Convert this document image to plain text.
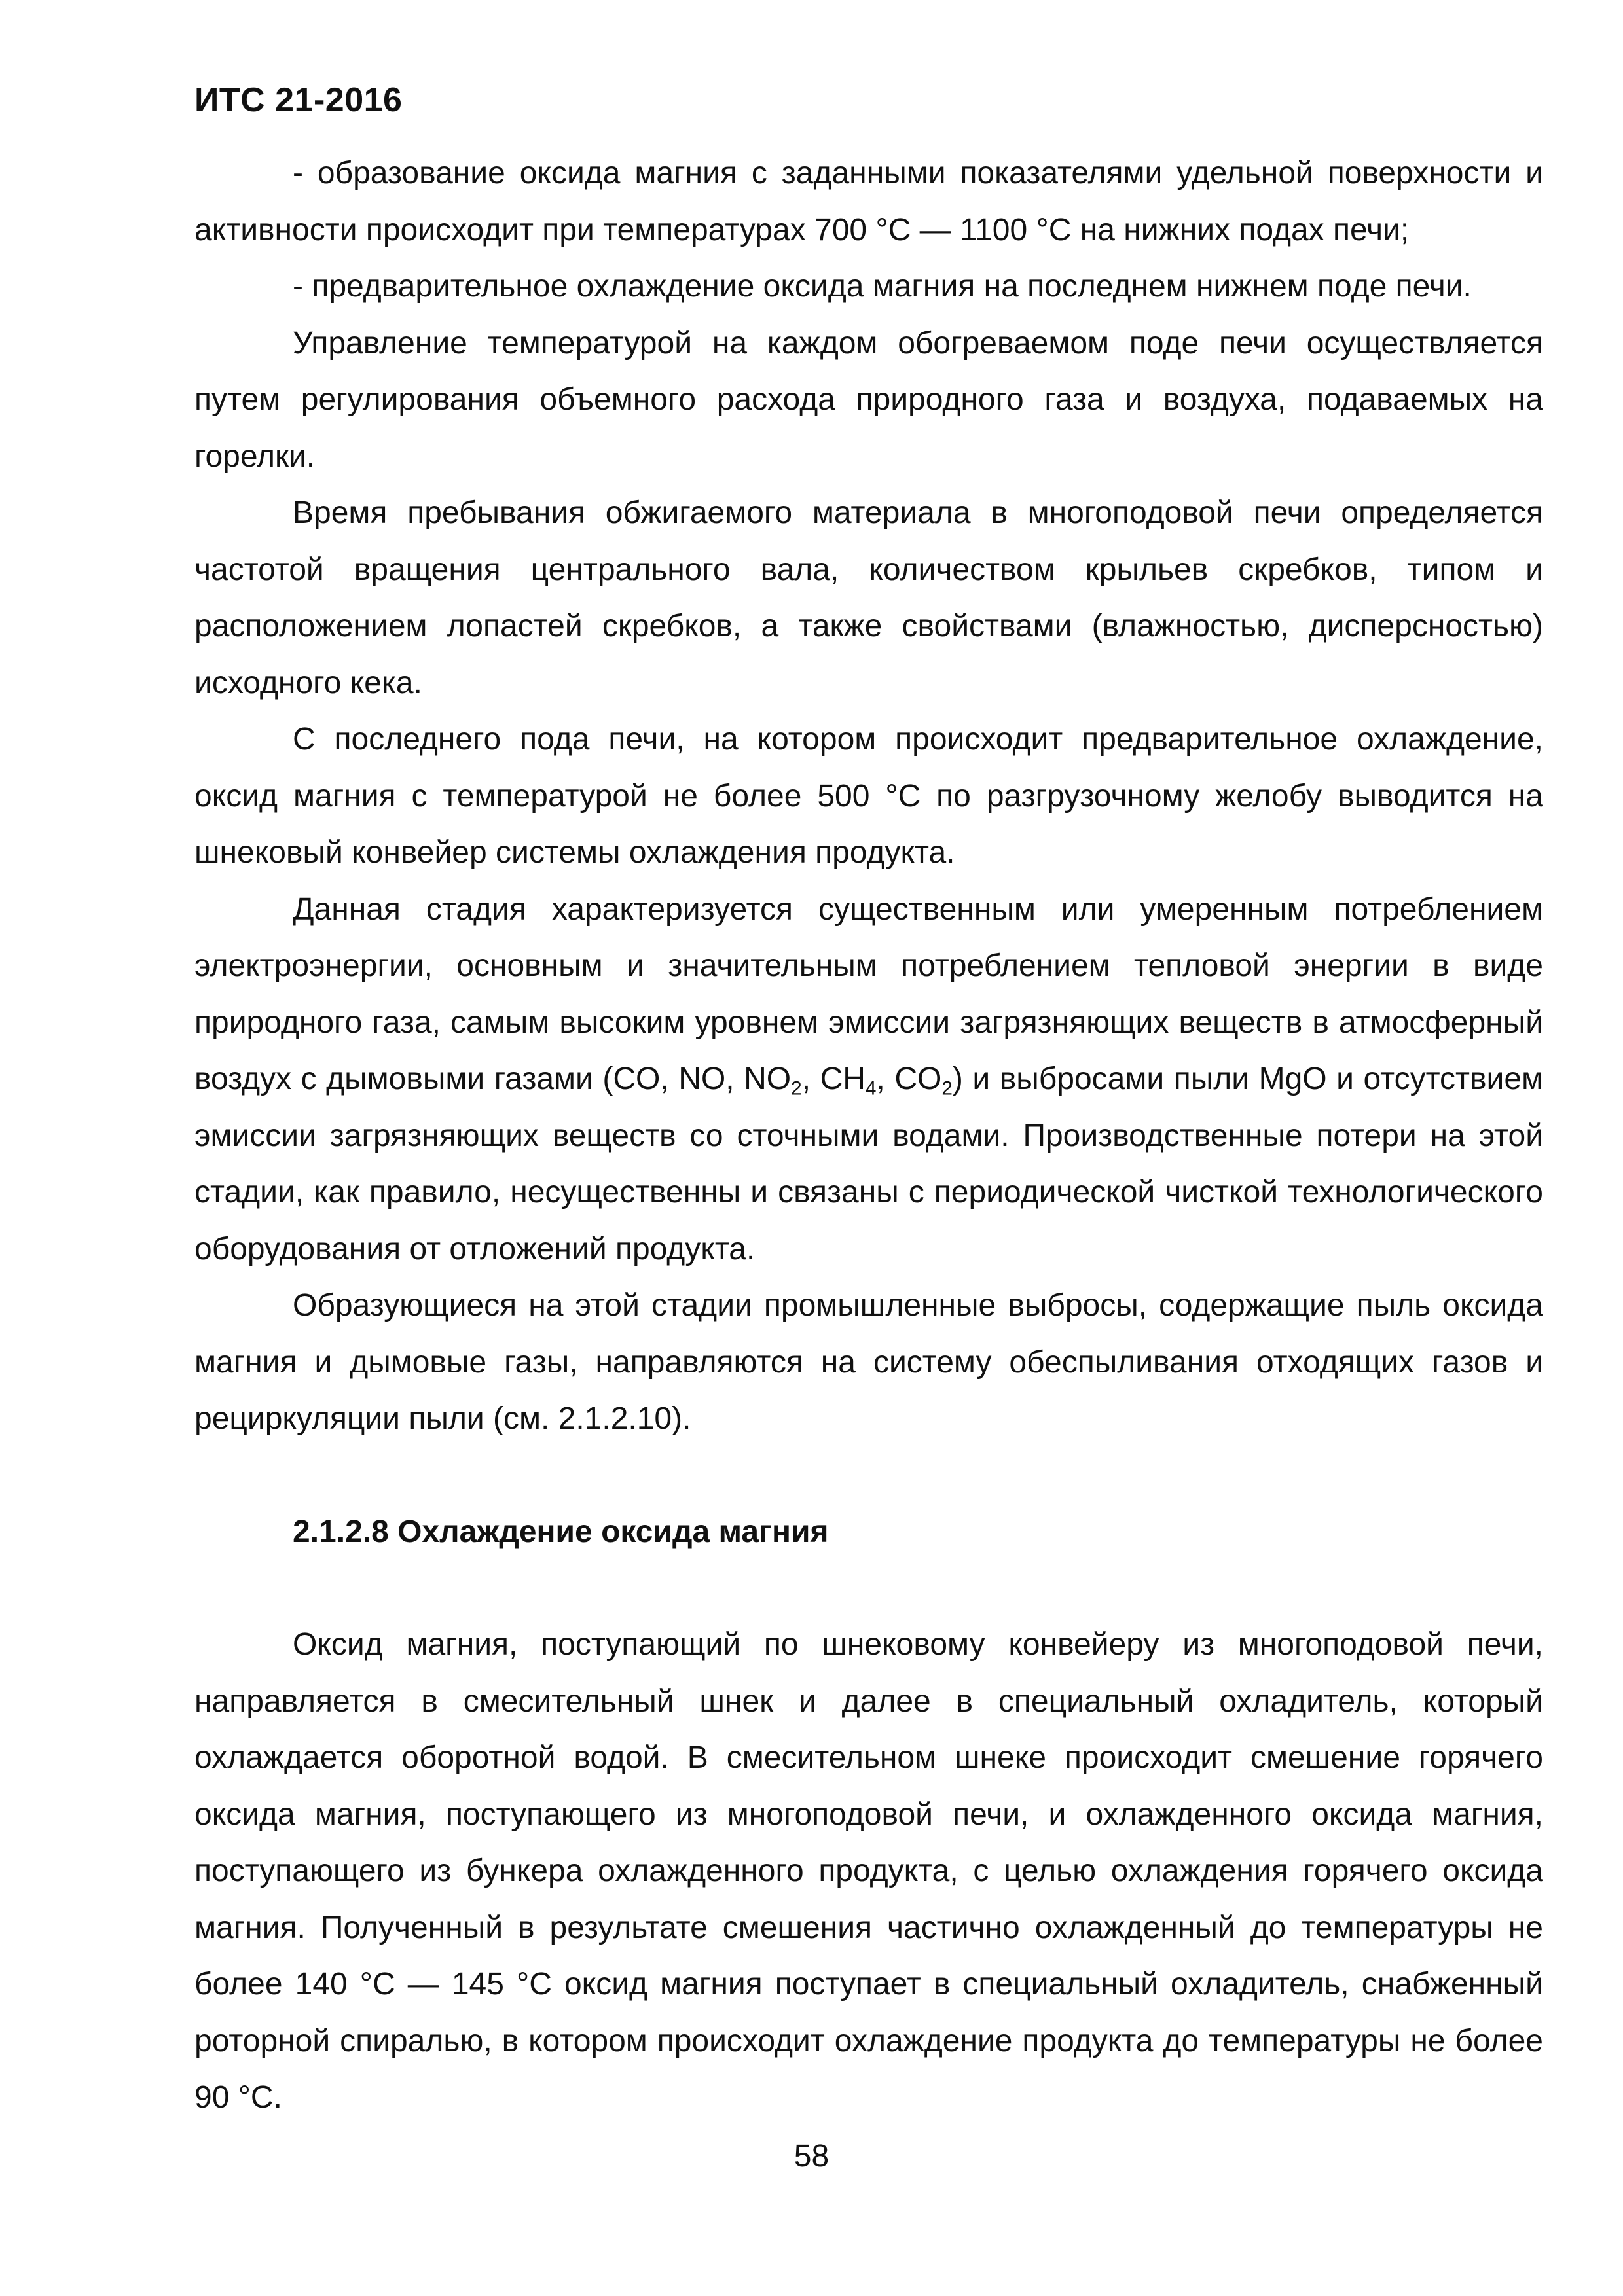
ИТС 21-2016

- образование оксида магния с заданными показателями удельной поверхности и активности происходит при температурах 700 °С — 1100 °С на нижних подах печи;

- предварительное охлаждение оксида магния на последнем нижнем поде печи.

Управление температурой на каждом обогреваемом поде печи осуществляется путем регулирования объемного расхода природного газа и воздуха, подаваемых на горелки.

Время пребывания обжигаемого материала в многоподовой печи определяется частотой вращения центрального вала, количеством крыльев скребков, типом и расположением лопастей скребков, а также свойствами (влажностью, дисперсностью) исходного кека.

С последнего пода печи, на котором происходит предварительное охлаждение, оксид магния с температурой не более 500 °С по разгрузочному желобу выводится на шнековый конвейер системы охлаждения продукта.

Данная стадия характеризуется существенным или умеренным потреблением электроэнергии, основным и значительным потреблением тепловой энергии в виде природного газа, самым высоким уровнем эмиссии загрязняющих веществ в атмосферный воздух с дымовыми газами (CO, NO, $NO_2$, $CH_4$, $CO_2$) и выбросами пыли MgO и отсутствием эмиссии загрязняющих веществ со сточными водами. Производственные потери на этой стадии, как правило, несущественны и связаны с периодической чисткой технологического оборудования от отложений продукта.

Образующиеся на этой стадии промышленные выбросы, содержащие пыль оксида магния и дымовые газы, направляются на систему обеспыливания отходящих газов и рециркуляции пыли (см. 2.1.2.10).

2.1.2.8 Охлаждение оксида магния

Оксид магния, поступающий по шнековому конвейеру из многоподовой печи, направляется в смесительный шнек и далее в специальный охладитель, который охлаждается оборотной водой. В смесительном шнеке происходит смешение горячего оксида магния, поступающего из многоподовой печи, и охлажденного оксида магния, поступающего из бункера охлажденного продукта, с целью охлаждения горячего оксида магния. Полученный в результате смешения частично охлажденный до температуры не более 140 °С — 145 °С оксид магния поступает в специальный охладитель, снабженный роторной спиралью, в котором происходит охлаждение продукта до температуры не более 90 °С.

58
